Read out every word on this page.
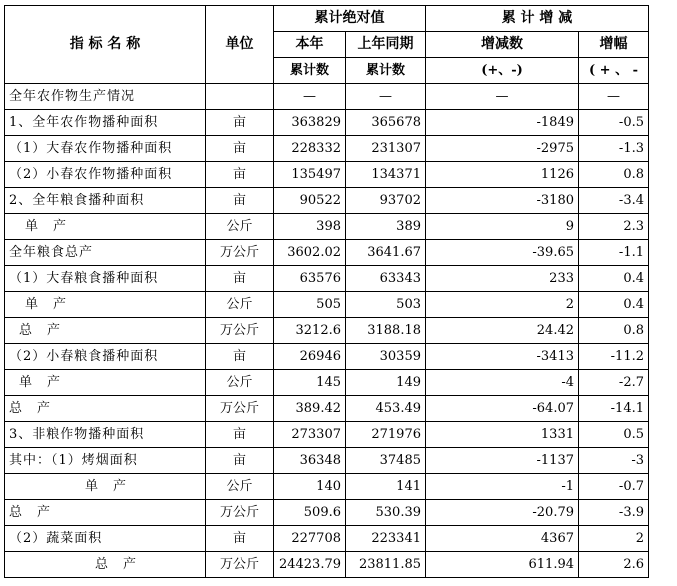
指 标 名 称	单位	累计绝对值		累 计 增 减	
		本年	上年同期	增减数	增幅
		累计数	累计数	(+、-)	( + 、 -
全年农作物生产情况		—	—	—	—
1、全年农作物播种面积	亩	363829	365678	-1849	-0.5
（1）大春农作物播种面积	亩	228332	231307	-2975	-1.3
（2）小春农作物播种面积	亩	135497	134371	1126	0.8
2、全年粮食播种面积	亩	90522	93702	-3180	-3.4
单　产	公斤	398	389	9	2.3
全年粮食总产	万公斤	3602.02	3641.67	-39.65	-1.1
（1）大春粮食播种面积	亩	63576	63343	233	0.4
单　产	公斤	505	503	2	0.4
总　产	万公斤	3212.6	3188.18	24.42	0.8
（2）小春粮食播种面积	亩	26946	30359	-3413	-11.2
单　产	公斤	145	149	-4	-2.7
总　产	万公斤	389.42	453.49	-64.07	-14.1
3、非粮作物播种面积	亩	273307	271976	1331	0.5
其中：（1）烤烟面积	亩	36348	37485	-1137	-3
单　产	公斤	140	141	-1	-0.7
总　产	万公斤	509.6	530.39	-20.79	-3.9
（2）蔬菜面积	亩	227708	223341	4367	2
总　产	万公斤	24423.79	23811.85	611.94	2.6
